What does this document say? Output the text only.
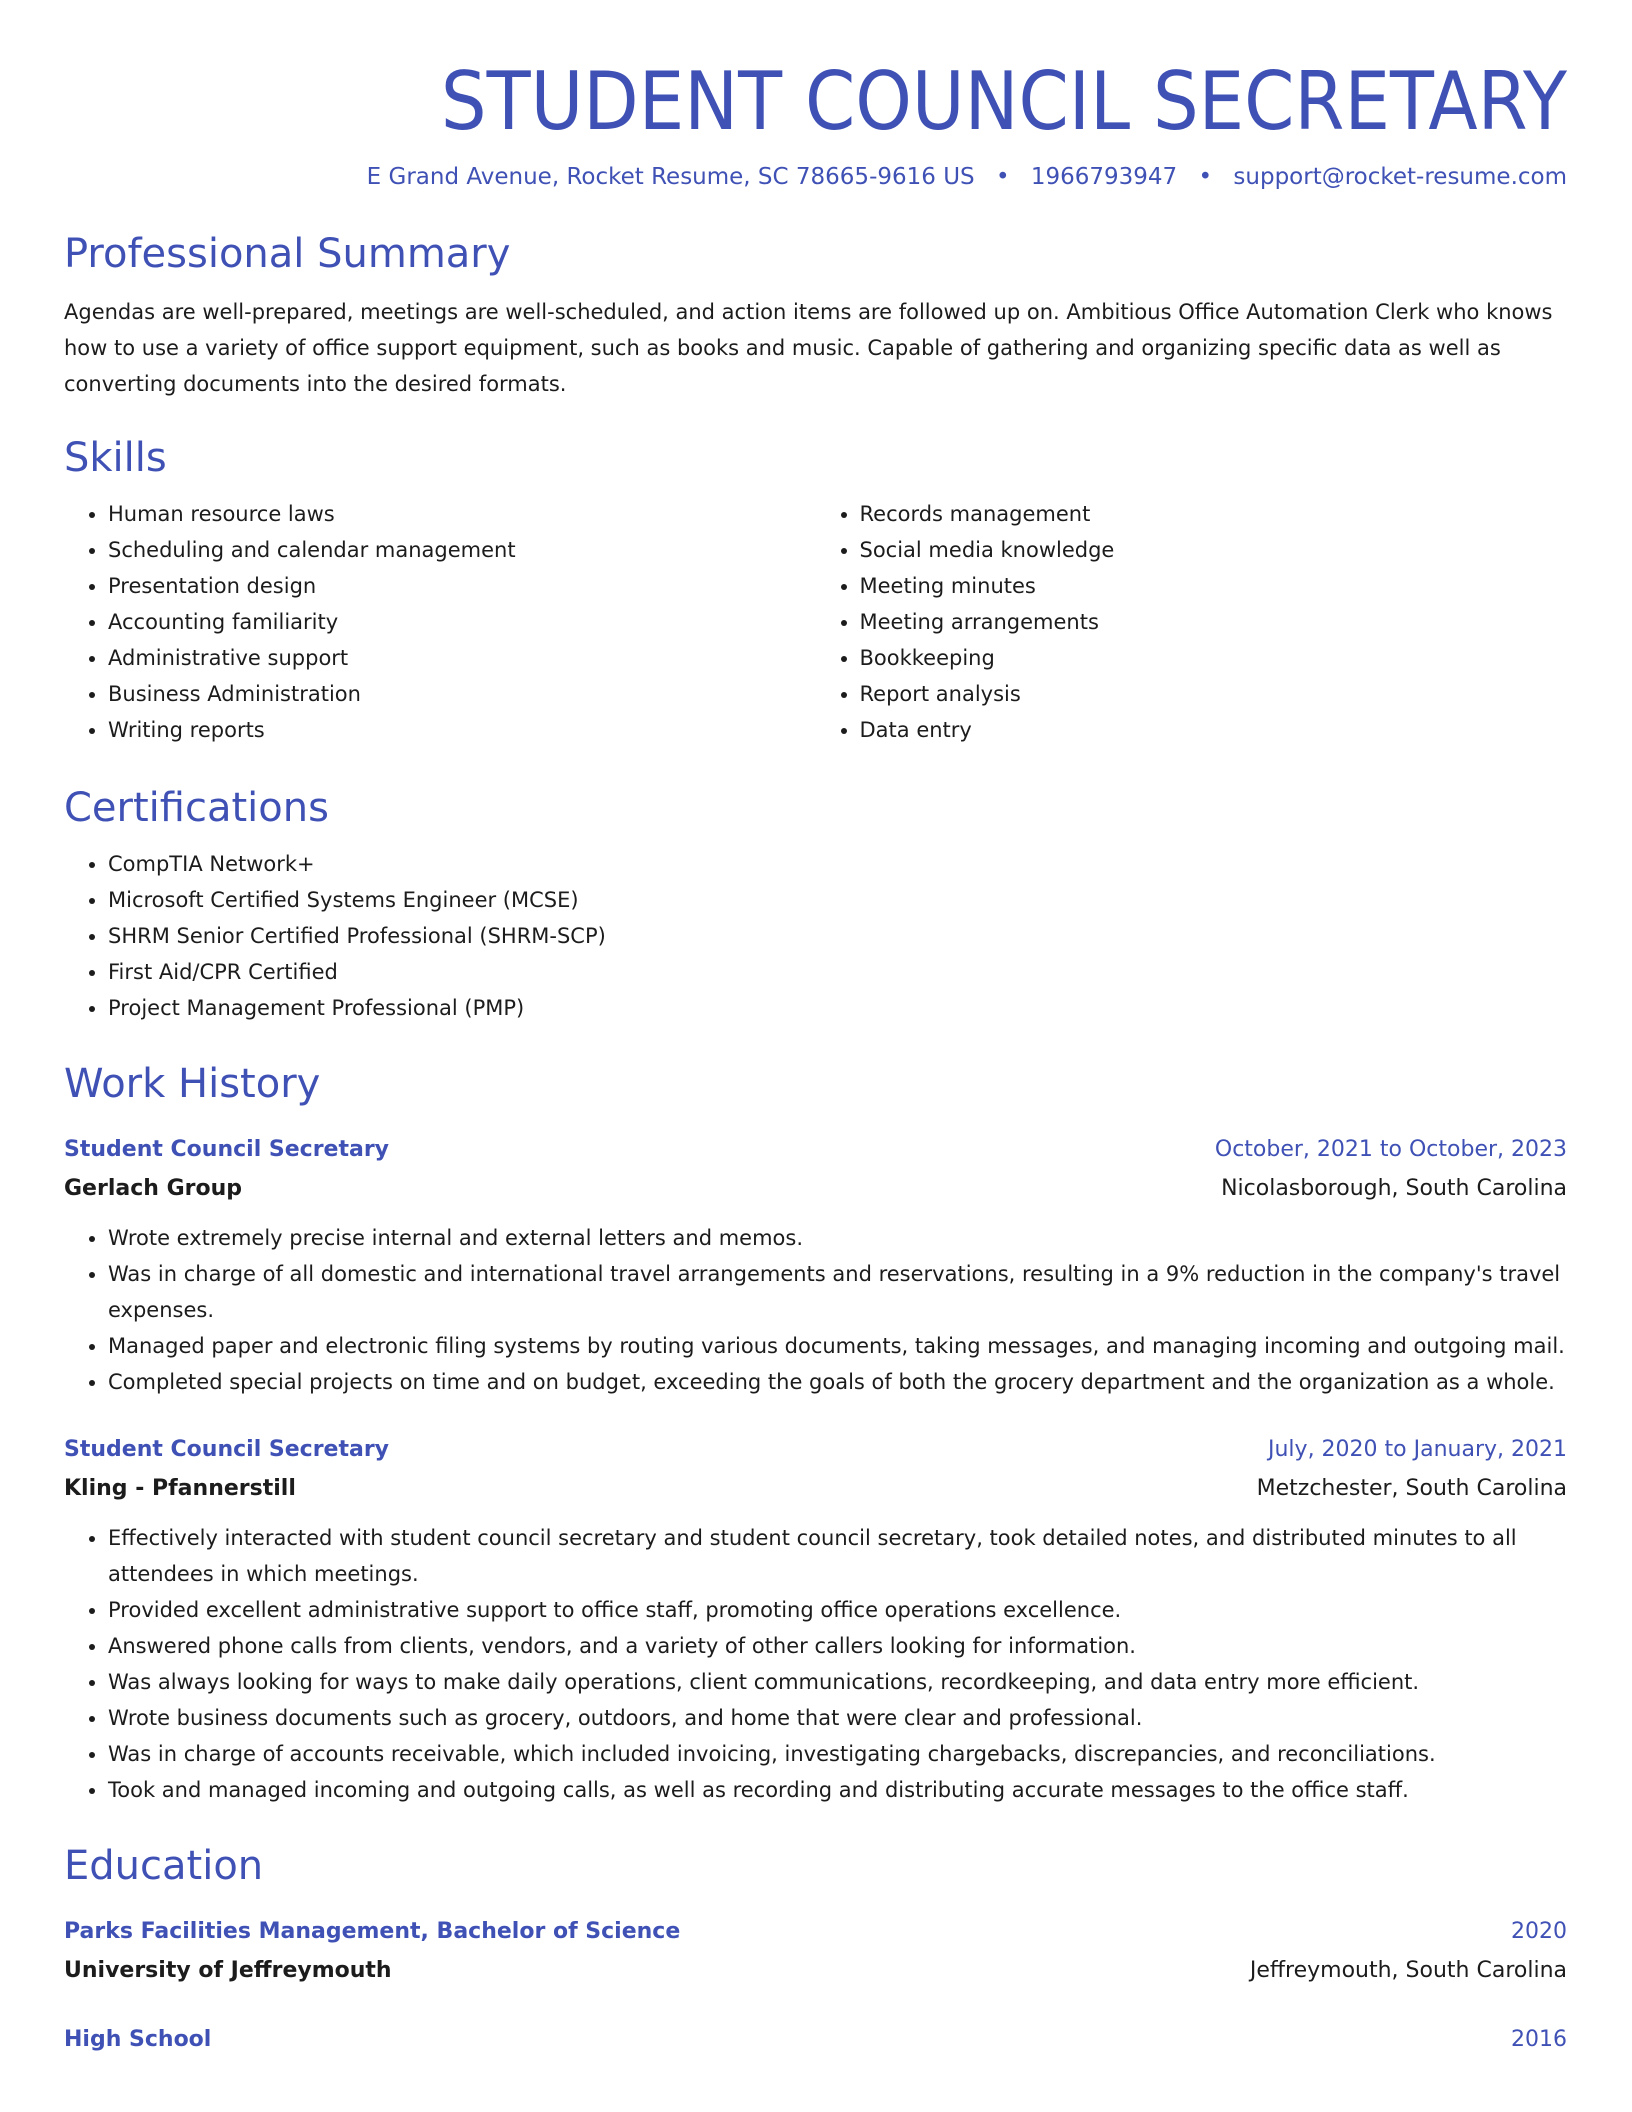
STUDENT COUNCIL SECRETARY
E Grand Avenue, Rocket Resume, SC 78665-9616 US • 1966793947 • support@rocket-resume.com
Professional Summary

Agendas are well-prepared, meetings are well-scheduled, and action items are followed up on. Ambitious Office Automation Clerk who knows how to use a variety of office support equipment, such as books and music. Capable of gathering and organizing specific data as well as converting documents into the desired formats.

Skills
• Human resource laws
• Scheduling and calendar management
• Presentation design
• Accounting familiarity
• Administrative support
• Business Administration
• Writing reports
• Records management
• Social media knowledge
• Meeting minutes
• Meeting arrangements
• Bookkeeping
• Report analysis
• Data entry
Certifications
• CompTIA Network+
• Microsoft Certified Systems Engineer (MCSE)
• SHRM Senior Certified Professional (SHRM-SCP)
• First Aid/CPR Certified
• Project Management Professional (PMP)
Work History
Student Council Secretary	October, 2021 to October, 2023
Gerlach Group	Nicolasborough, South Carolina
• Wrote extremely precise internal and external letters and memos.
• Was in charge of all domestic and international travel arrangements and reservations, resulting in a 9% reduction in the company's travel expenses.
• Managed paper and electronic filing systems by routing various documents, taking messages, and managing incoming and outgoing mail.
• Completed special projects on time and on budget, exceeding the goals of both the grocery department and the organization as a whole.
Student Council Secretary	July, 2020 to January, 2021
Kling - Pfannerstill	Metzchester, South Carolina
• Effectively interacted with student council secretary and student council secretary, took detailed notes, and distributed minutes to all attendees in which meetings.
• Provided excellent administrative support to office staff, promoting office operations excellence.
• Answered phone calls from clients, vendors, and a variety of other callers looking for information.
• Was always looking for ways to make daily operations, client communications, recordkeeping, and data entry more efficient.
• Wrote business documents such as grocery, outdoors, and home that were clear and professional.
• Was in charge of accounts receivable, which included invoicing, investigating chargebacks, discrepancies, and reconciliations.
• Took and managed incoming and outgoing calls, as well as recording and distributing accurate messages to the office staff.
Education
Parks Facilities Management, Bachelor of Science	2020
University of Jeffreymouth	Jeffreymouth, South Carolina
High School	2016
